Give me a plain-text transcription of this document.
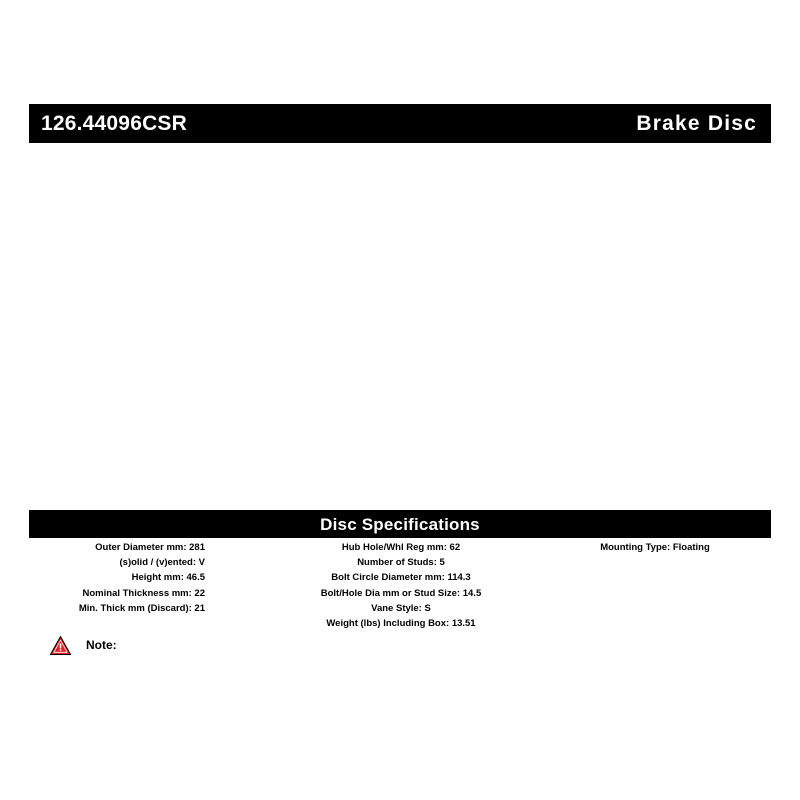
126.44096CSR	Brake Disc
Disc Specifications
Outer Diameter mm: 281
(s)olid / (v)ented: V
Height mm: 46.5
Nominal Thickness mm: 22
Min. Thick mm (Discard): 21
Hub Hole/Whl Reg mm: 62
Number of Studs: 5
Bolt Circle Diameter mm: 114.3
Bolt/Hole Dia mm or Stud Size: 14.5
Vane Style: S
Weight (lbs) Including Box: 13.51
Mounting Type: Floating
Note:
